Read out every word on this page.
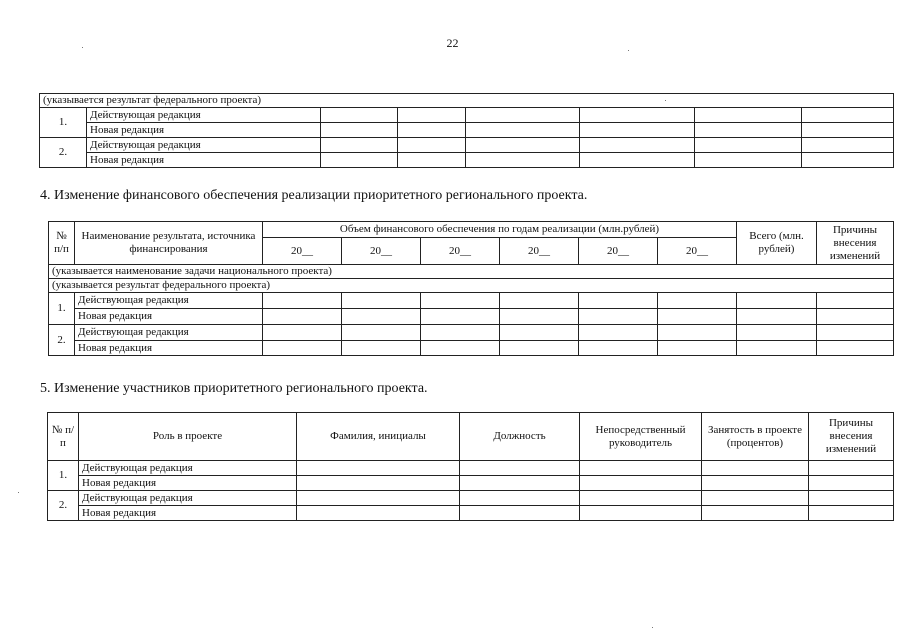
22
(указывается результат федерального проекта)							
1.	Действующая редакция						
	Новая редакция						
2.	Действующая редакция						
	Новая редакция						
4. Изменение финансового обеспечения реализации приоритетного регионального проекта.
№ п/п	Наименование результата, источника финансирования	Объем финансового обеспечения по годам реализации (млн.рублей)						Всего (млн. рублей)	Причины внесения изменений
		20__	20__	20__	20__	20__	20__		
(указывается наименование задачи национального проекта)									
(указывается результат федерального проекта)									
1.	Действующая редакция								
	Новая редакция								
2.	Действующая редакция								
	Новая редакция								
5. Изменение участников приоритетного регионального проекта.
№ п/п	Роль в проекте	Фамилия, инициалы	Должность	Непосредственный руководитель	Занятость в проекте (процентов)	Причины внесения изменений
1.	Действующая редакция					
	Новая редакция					
2.	Действующая редакция					
	Новая редакция					
